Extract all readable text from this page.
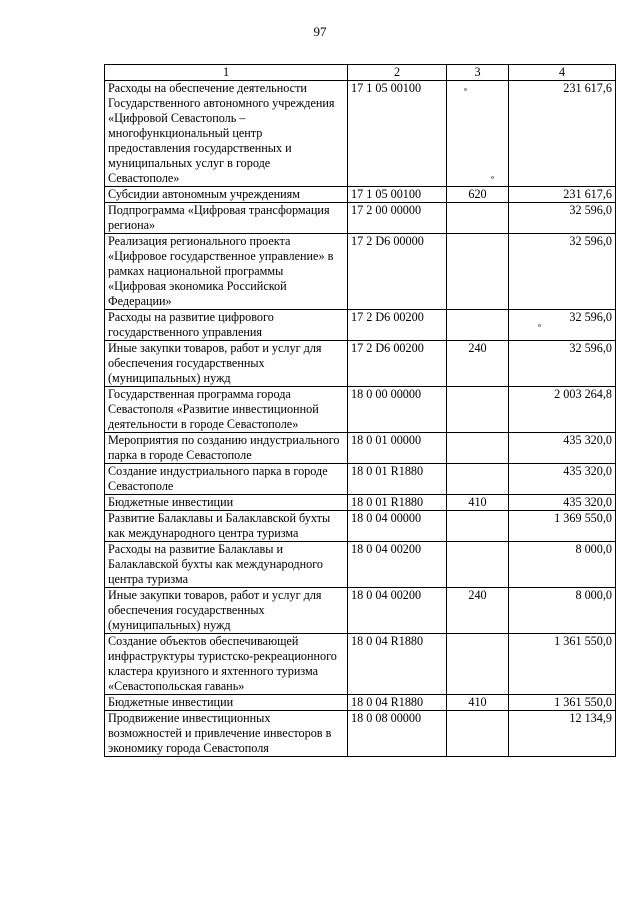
97
1	2	3	4
Расходы на обеспечение деятельности Государственного автономного учреждения «Цифровой Севастополь – многофункциональный центр предоставления государственных и муниципальных услуг в городе Севастополе»	17 1 05 00100		231 617,6
Субсидии автономным учреждениям	17 1 05 00100	620	231 617,6
Подпрограмма «Цифровая трансформация региона»	17 2 00 00000		32 596,0
Реализация регионального проекта «Цифровое государственное управление» в рамках национальной программы «Цифровая экономика Российской Федерации»	17 2 D6 00000		32 596,0
Расходы на развитие цифрового государственного управления	17 2 D6 00200		32 596,0
Иные закупки товаров, работ и услуг для обеспечения государственных (муниципальных) нужд	17 2 D6 00200	240	32 596,0
Государственная программа города Севастополя «Развитие инвестиционной деятельности в городе Севастополе»	18 0 00 00000		2 003 264,8
Мероприятия по созданию индустриального парка в городе Севастополе	18 0 01 00000		435 320,0
Создание индустриального парка в городе Севастополе	18 0 01 R1880		435 320,0
Бюджетные инвестиции	18 0 01 R1880	410	435 320,0
Развитие Балаклавы и Балаклавской бухты как международного центра туризма	18 0 04 00000		1 369 550,0
Расходы на развитие Балаклавы и Балаклавской бухты как международного центра туризма	18 0 04 00200		8 000,0
Иные закупки товаров, работ и услуг для обеспечения государственных (муниципальных) нужд	18 0 04 00200	240	8 000,0
Создание объектов обеспечивающей инфраструктуры туристско-рекреационного кластера круизного и яхтенного туризма «Севастопольская гавань»	18 0 04 R1880		1 361 550,0
Бюджетные инвестиции	18 0 04 R1880	410	1 361 550,0
Продвижение инвестиционных возможностей и привлечение инвесторов в экономику города Севастополя	18 0 08 00000		12 134,9
